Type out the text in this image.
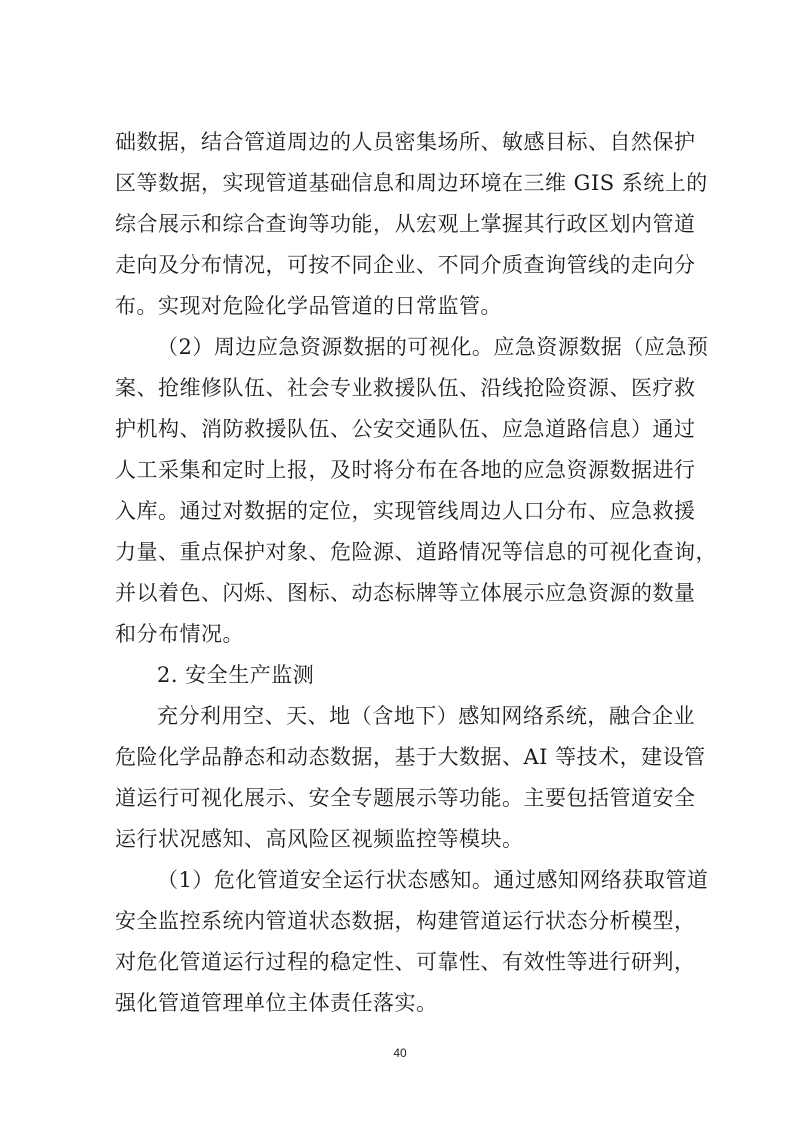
础数据，结合管道周边的人员密集场所、敏感目标、自然保护
区等数据，实现管道基础信息和周边环境在三维 GIS 系统上的
综合展示和综合查询等功能，从宏观上掌握其行政区划内管道
走向及分布情况，可按不同企业、不同介质查询管线的走向分
布。实现对危险化学品管道的日常监管。
（2）周边应急资源数据的可视化。应急资源数据（应急预
案、抢维修队伍、社会专业救援队伍、沿线抢险资源、医疗救
护机构、消防救援队伍、公安交通队伍、应急道路信息）通过
人工采集和定时上报，及时将分布在各地的应急资源数据进行
入库。通过对数据的定位，实现管线周边人口分布、应急救援
力量、重点保护对象、危险源、道路情况等信息的可视化查询，
并以着色、闪烁、图标、动态标牌等立体展示应急资源的数量
和分布情况。
2. 安全生产监测
充分利用空、天、地（含地下）感知网络系统，融合企业
危险化学品静态和动态数据，基于大数据、AI 等技术，建设管
道运行可视化展示、安全专题展示等功能。主要包括管道安全
运行状况感知、高风险区视频监控等模块。
（1）危化管道安全运行状态感知。通过感知网络获取管道
安全监控系统内管道状态数据，构建管道运行状态分析模型，
对危化管道运行过程的稳定性、可靠性、有效性等进行研判，
强化管道管理单位主体责任落实。
40
